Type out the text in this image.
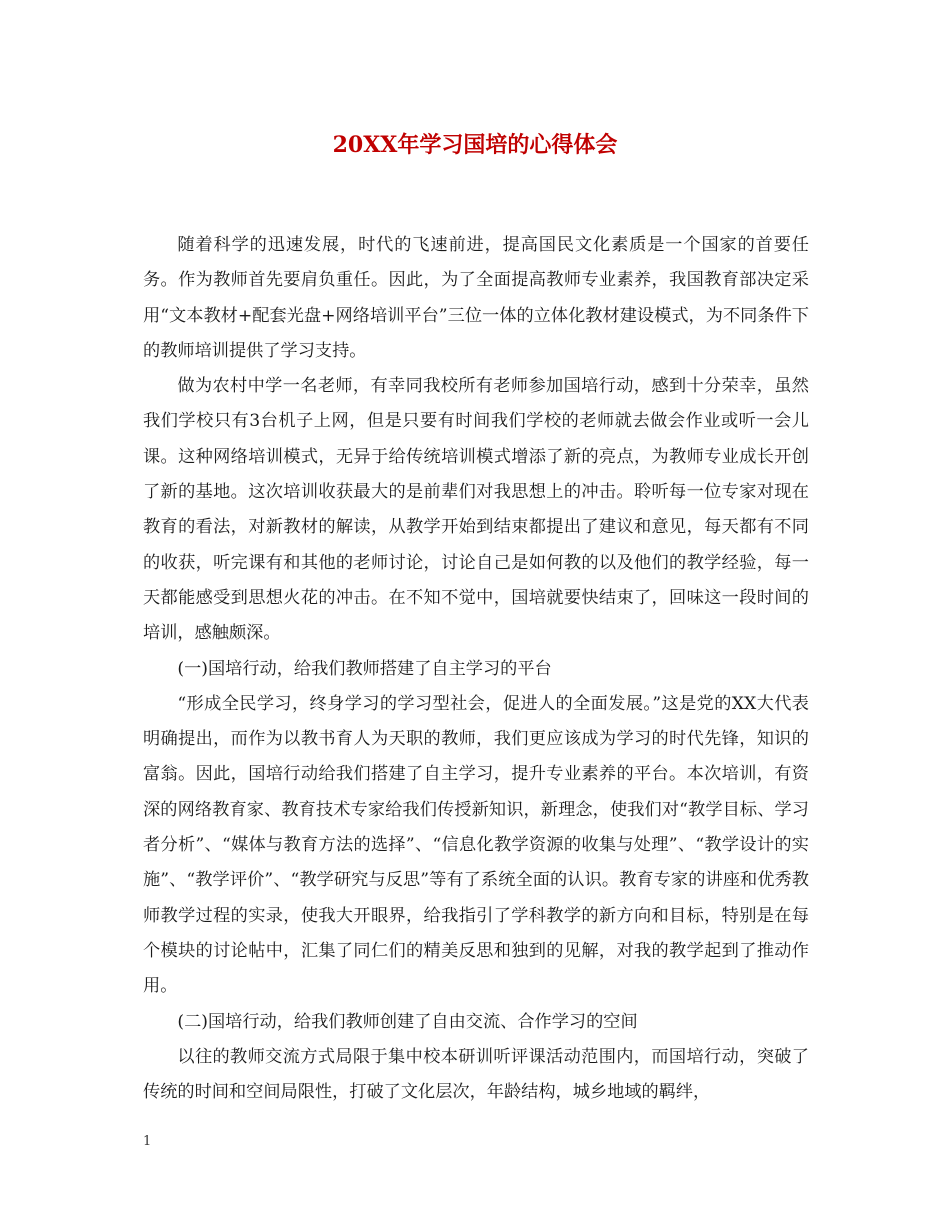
20XX年学习国培的心得体会

随着科学的迅速发展，时代的飞速前进，提高国民文化素质是一个国家的首要任务。作为教师首先要肩负重任。因此，为了全面提高教师专业素养，我国教育部决定采用“文本教材+配套光盘+网络培训平台”三位一体的立体化教材建设模式，为不同条件下的教师培训提供了学习支持。

做为农村中学一名老师，有幸同我校所有老师参加国培行动，感到十分荣幸，虽然我们学校只有3台机子上网，但是只要有时间我们学校的老师就去做会作业或听一会儿课。这种网络培训模式，无异于给传统培训模式增添了新的亮点，为教师专业成长开创了新的基地。这次培训收获最大的是前辈们对我思想上的冲击。聆听每一位专家对现在教育的看法，对新教材的解读，从教学开始到结束都提出了建议和意见，每天都有不同的收获，听完课有和其他的老师讨论，讨论自己是如何教的以及他们的教学经验，每一天都能感受到思想火花的冲击。在不知不觉中，国培就要快结束了，回味这一段时间的培训，感触颇深。

(一)国培行动，给我们教师搭建了自主学习的平台

“形成全民学习，终身学习的学习型社会，促进人的全面发展。”这是党的XX大代表明确提出，而作为以教书育人为天职的教师，我们更应该成为学习的时代先锋，知识的富翁。因此，国培行动给我们搭建了自主学习，提升专业素养的平台。本次培训，有资深的网络教育家、教育技术专家给我们传授新知识，新理念，使我们对“教学目标、学习者分析”、“媒体与教育方法的选择”、“信息化教学资源的收集与处理”、“教学设计的实施”、“教学评价”、“教学研究与反思”等有了系统全面的认识。教育专家的讲座和优秀教师教学过程的实录，使我大开眼界，给我指引了学科教学的新方向和目标，特别是在每个模块的讨论帖中，汇集了同仁们的精美反思和独到的见解，对我的教学起到了推动作用。

(二)国培行动，给我们教师创建了自由交流、合作学习的空间

以往的教师交流方式局限于集中校本研训听评课活动范围内，而国培行动，突破了传统的时间和空间局限性，打破了文化层次，年龄结构，城乡地域的羁绊，

1
